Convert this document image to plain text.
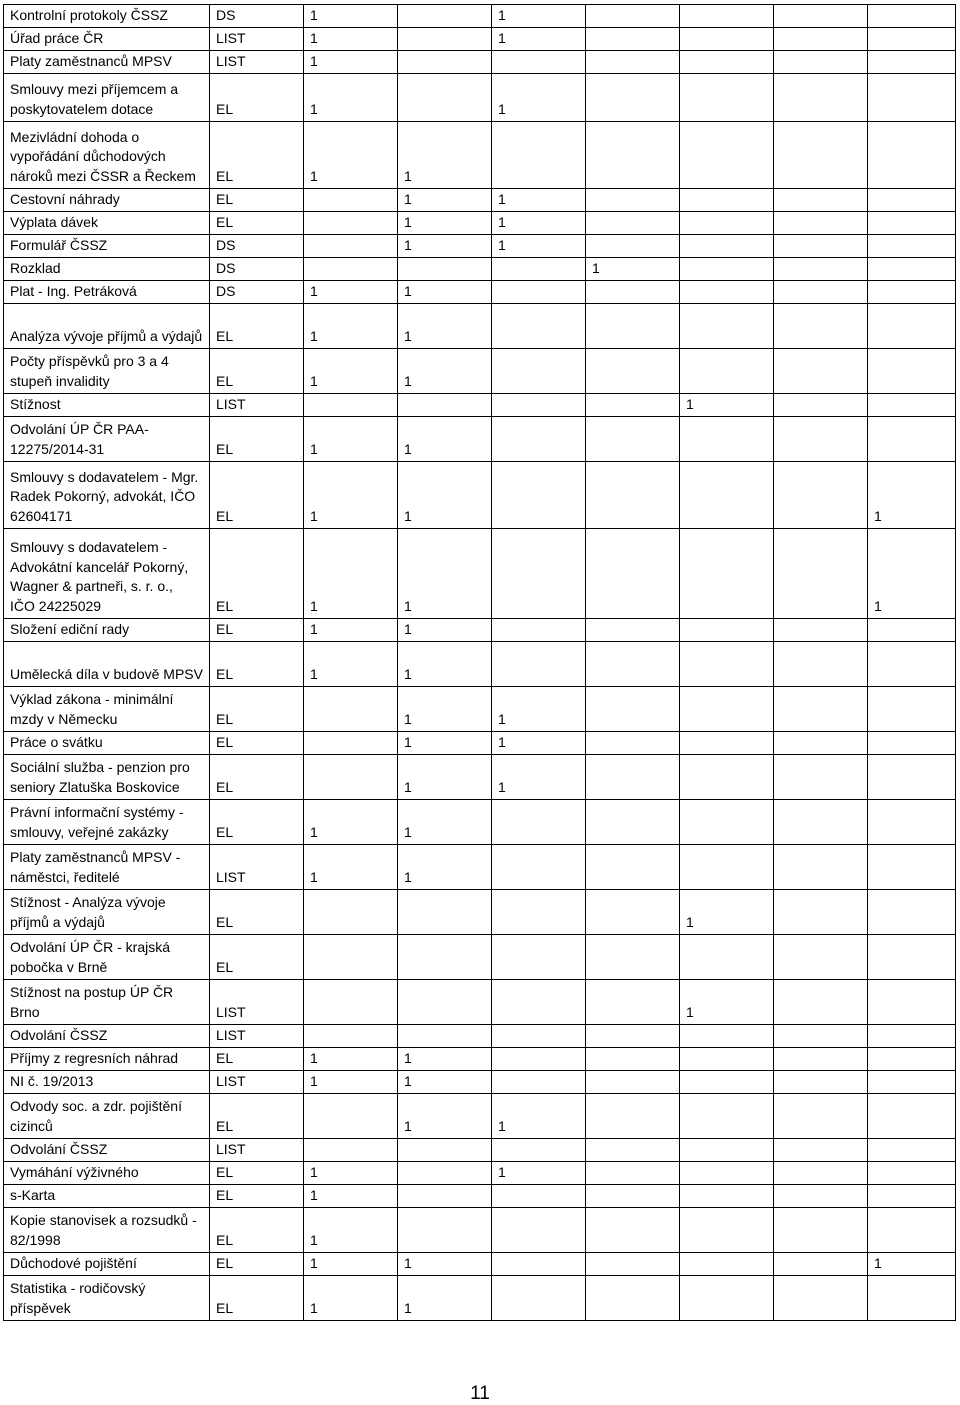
Kontrolní protokoly ČSSZ	DS	1		1				
Úřad práce ČR	LIST	1		1				
Platy zaměstnanců MPSV	LIST	1						
Smlouvy mezi příjemcem a
poskytovatelem dotace	EL	1		1				
Mezivládní dohoda o
vypořádání důchodových
nároků mezi ČSSR a Řeckem	EL	1	1					
Cestovní náhrady	EL		1	1				
Výplata dávek	EL		1	1				
Formulář ČSSZ	DS		1	1				
Rozklad	DS				1			
Plat - Ing. Petráková	DS	1	1					
Analýza vývoje příjmů a výdajů	EL	1	1					
Počty příspěvků pro 3 a 4
stupeň invalidity	EL	1	1					
Stížnost	LIST					1		
Odvolání ÚP ČR PAA-
12275/2014-31	EL	1	1					
Smlouvy s dodavatelem - Mgr.
Radek Pokorný, advokát, IČO
62604171	EL	1	1					1
Smlouvy s dodavatelem -
Advokátní kancelář Pokorný,
Wagner & partneři, s. r. o.,
IČO 24225029	EL	1	1					1
Složení ediční rady	EL	1	1					
Umělecká díla v budově MPSV	EL	1	1					
Výklad zákona - minimální
mzdy v Německu	EL		1	1				
Práce o svátku	EL		1	1				
Sociální služba - penzion pro
seniory Zlatuška Boskovice	EL		1	1				
Právní informační systémy -
smlouvy, veřejné zakázky	EL	1	1					
Platy zaměstnanců MPSV -
náměstci, ředitelé	LIST	1	1					
Stížnost - Analýza vývoje
příjmů a výdajů	EL					1		
Odvolání ÚP ČR - krajská
pobočka v Brně	EL							
Stížnost na postup ÚP ČR Brno	LIST					1		
Odvolání ČSSZ	LIST							
Příjmy z regresních náhrad	EL	1	1					
NI č. 19/2013	LIST	1	1					
Odvody soc. a zdr. pojištění
cizinců	EL		1	1				
Odvolání ČSSZ	LIST							
Vymáhání výživného	EL	1		1				
s-Karta	EL	1						
Kopie stanovisek a rozsudků -
82/1998	EL	1						
Důchodové pojištění	EL	1	1					1
Statistika - rodičovský
příspěvek	EL	1	1					
11
